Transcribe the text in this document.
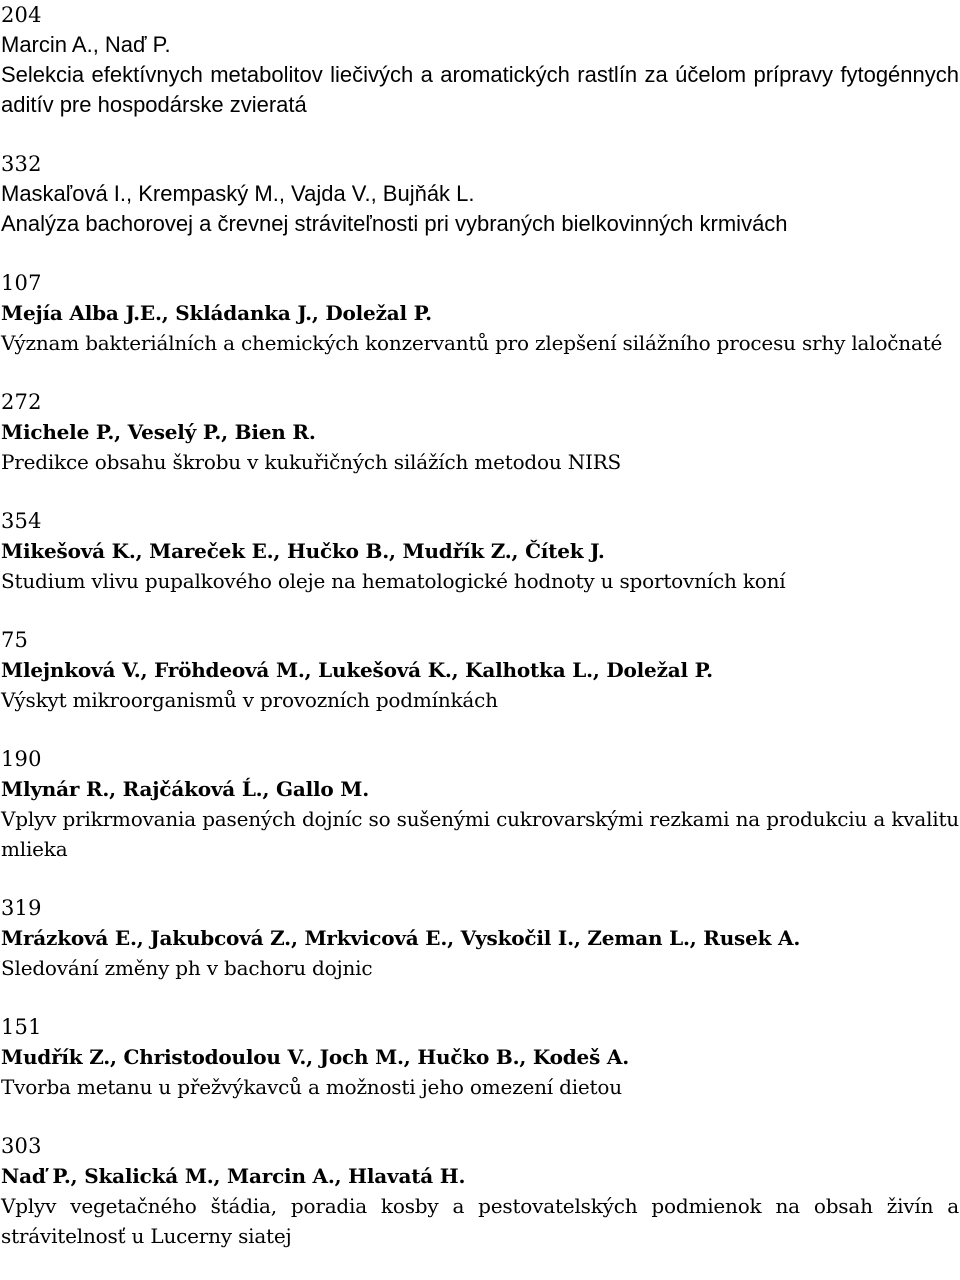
204
Marcin A., Naď P.
Selekcia efektívnych metabolitov liečivých a aromatických rastlín za účelom prípravy fytogénnych aditív pre hospodárske zvieratá
332
Maskaľová I., Krempaský M., Vajda V., Bujňák L.
Analýza bachorovej a črevnej stráviteľnosti pri vybraných bielkovinných krmivách
107
Mejía Alba J.E., Skládanka J., Doležal P.
Význam bakteriálních a chemických konzervantů pro zlepšení silážního procesu srhy laločnaté
272
Michele P., Veselý P., Bien R.
Predikce obsahu škrobu v kukuřičných silážích metodou NIRS
354
Mikešová K., Mareček E., Hučko B., Mudřík Z., Čítek J.
Studium vlivu pupalkového oleje na hematologické hodnoty u sportovních koní
75
Mlejnková V., Fröhdeová M., Lukešová K., Kalhotka L., Doležal P.
Výskyt mikroorganismů v provozních podmínkách
190
Mlynár R., Rajčáková Ĺ., Gallo M.
Vplyv prikrmovania pasených dojníc so sušenými cukrovarskými rezkami na produkciu a kvalitu mlieka
319
Mrázková E., Jakubcová Z., Mrkvicová E., Vyskočil I., Zeman L., Rusek A.
Sledování změny ph v bachoru dojnic
151
Mudřík Z., Christodoulou V., Joch M., Hučko B., Kodeš A.
Tvorba metanu u přežvýkavců a možnosti jeho omezení dietou
303
Naď P., Skalická M., Marcin A., Hlavatá H.
Vplyv vegetačného štádia, poradia kosby a pestovatelských podmienok na obsah živín a strávitelnosť u Lucerny siatej
